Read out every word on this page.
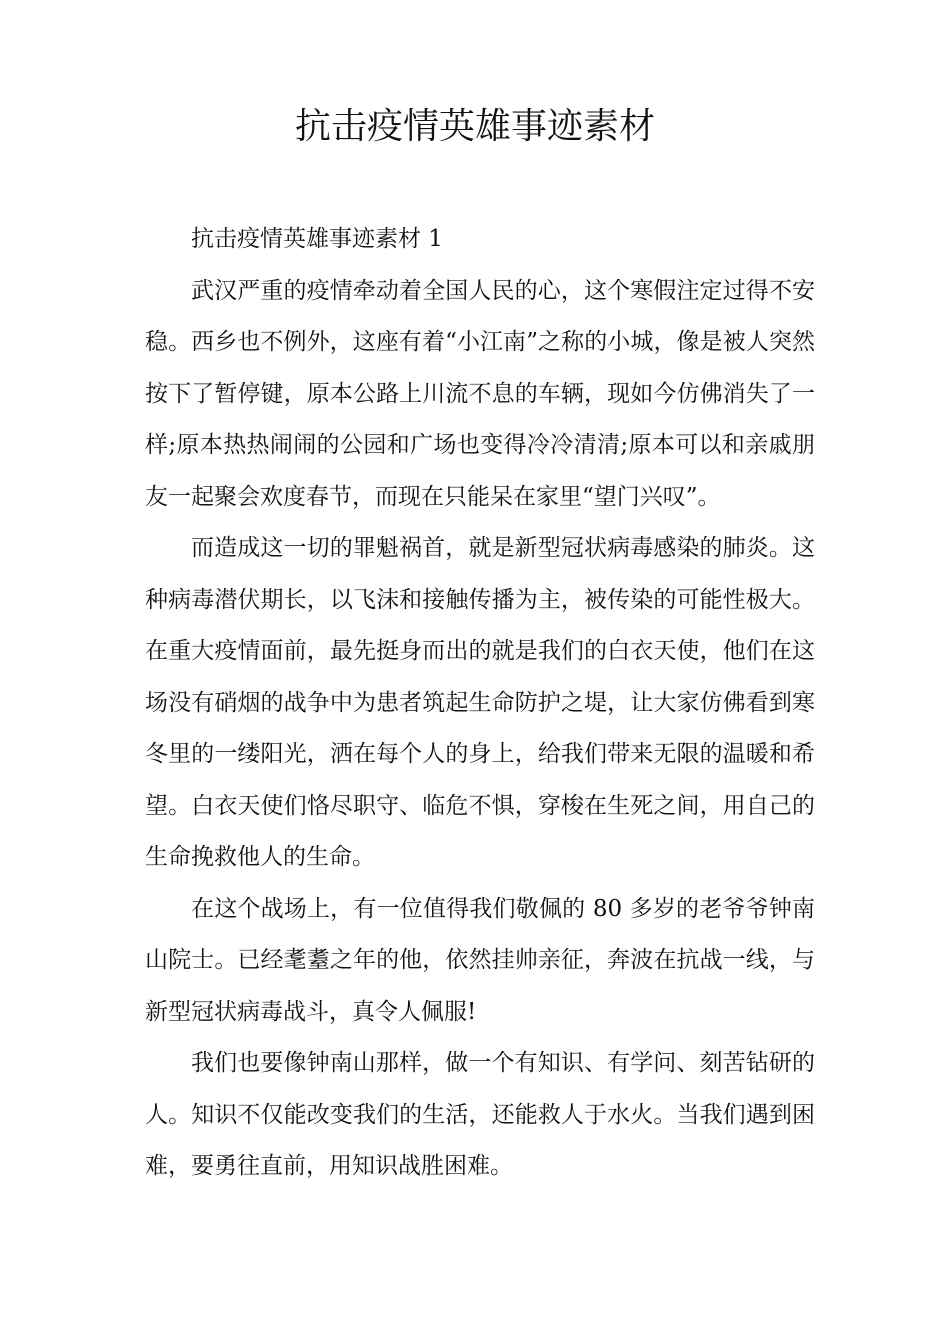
抗击疫情英雄事迹素材

抗击疫情英雄事迹素材 1

武汉严重的疫情牵动着全国人民的心，这个寒假注定过得不安稳。西乡也不例外，这座有着“小江南”之称的小城，像是被人突然按下了暂停键，原本公路上川流不息的车辆，现如今仿佛消失了一样;原本热热闹闹的公园和广场也变得冷冷清清;原本可以和亲戚朋友一起聚会欢度春节，而现在只能呆在家里“望门兴叹”。

而造成这一切的罪魁祸首，就是新型冠状病毒感染的肺炎。这种病毒潜伏期长，以飞沫和接触传播为主，被传染的可能性极大。在重大疫情面前，最先挺身而出的就是我们的白衣天使，他们在这场没有硝烟的战争中为患者筑起生命防护之堤，让大家仿佛看到寒冬里的一缕阳光，洒在每个人的身上，给我们带来无限的温暖和希望。白衣天使们恪尽职守、临危不惧，穿梭在生死之间，用自己的生命挽救他人的生命。

在这个战场上，有一位值得我们敬佩的 80 多岁的老爷爷钟南山院士。已经耄耋之年的他，依然挂帅亲征，奔波在抗战一线，与新型冠状病毒战斗，真令人佩服!

我们也要像钟南山那样，做一个有知识、有学问、刻苦钻研的人。知识不仅能改变我们的生活，还能救人于水火。当我们遇到困难，要勇往直前，用知识战胜困难。
